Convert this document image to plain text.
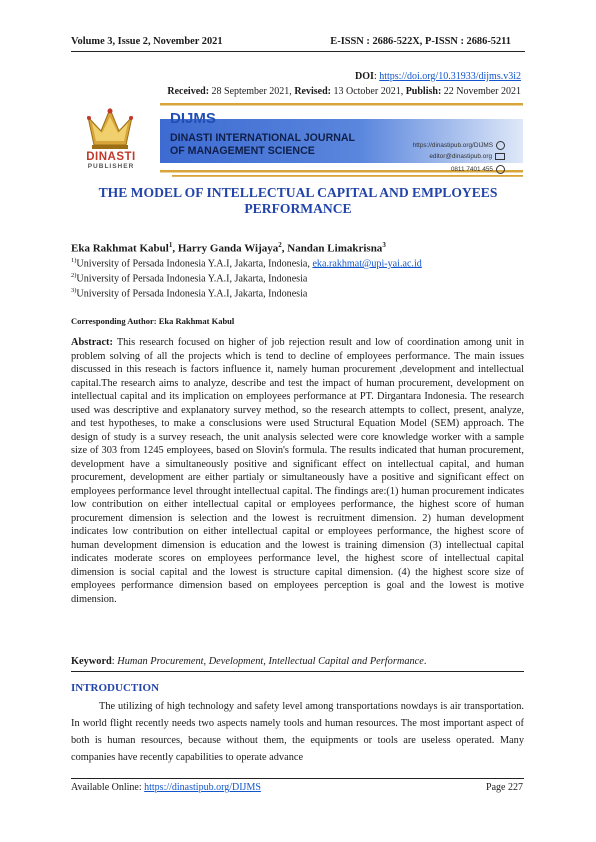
Volume 3, Issue 2, November 2021	E-ISSN : 2686-522X, P-ISSN : 2686-5211
DOI: https://doi.org/10.31933/dijms.v3i2
Received: 28 September 2021, Revised: 13 October 2021, Publish: 22 November 2021
DINASTI
PUBLISHER
DIJMS
DINASTI INTERNATIONAL JOURNAL
OF MANAGEMENT SCIENCE	https://dinastipub.org/DIJMS
editor@dinastipub.org
0811 7401 455
THE MODEL OF INTELLECTUAL CAPITAL AND EMPLOYEES
PERFORMANCE
Eka Rakhmat Kabul$^1$, Harry Ganda Wijaya$^2$, Nandan Limakrisna$^3$
$^{1)}$University of Persada Indonesia Y.A.I, Jakarta, Indonesia, eka.rakhmat@upi-yai.ac.id
$^{2)}$University of Persada Indonesia Y.A.I, Jakarta, Indonesia
$^{3)}$University of Persada Indonesia Y.A.I, Jakarta, Indonesia
Corresponding Author: Eka Rakhmat Kabul
Abstract: This research focused on higher of job rejection result and low of coordination among unit in problem solving of all the projects which is tend to decline of employees performance. The main issues discussed in this reseach is factors influence it, namely human procurement ,development and intellectual capital.The research aims to analyze, describe and test the impact of human procurement, development on intellectual capital and its implication on employees performance at PT. Dirgantara Indonesia. The research used was descriptive and explanatory survey method, so the research attempts to collect, present, analyze, and test hypotheses, to make a consclusions were used Structural Equation Model (SEM) approach. The design of study is a survey reseach, the unit analysis selected were core knowledge worker with a sample size of 303 from 1245 employees, based on Slovin's formula. The results indicated that human procurement, development have a simultaneously positive and significant effect on intellectual capital, and human procurement, development are either partialy or simultaneously have a positive and significant effect on employees performance level throught intellectual capital. The findings are:(1) human procurement indicates low contribution on either intellectual capital or employees performance, the highest score of human procurement dimension is selection and the lowest is recruitment dimension. 2) human development indicates low contribution on either intellectual capital or employees performance, the highest score of human development dimension is education and the lowest is training dimension (3) intellectual capital indicates moderate scores on employees performance level, the highest score of intellectual capital dimension is social capital and the lowest is structure capital dimension. (4) the highest score size of employees performance dimension based on employees perception is goal and the lowest is motive dimension.
Keyword: Human Procurement, Development, Intellectual Capital and Performance.
INTRODUCTION
The utilizing of high technology and safety level among transportations nowdays is air transportation. In world flight recently needs two aspects namely tools and human resources. The most important aspect of both is human resources, because without them, the equipments or tools are useless operated. Many companies have recently capabilities to operate advance
Available Online: https://dinastipub.org/DIJMS	Page 227
